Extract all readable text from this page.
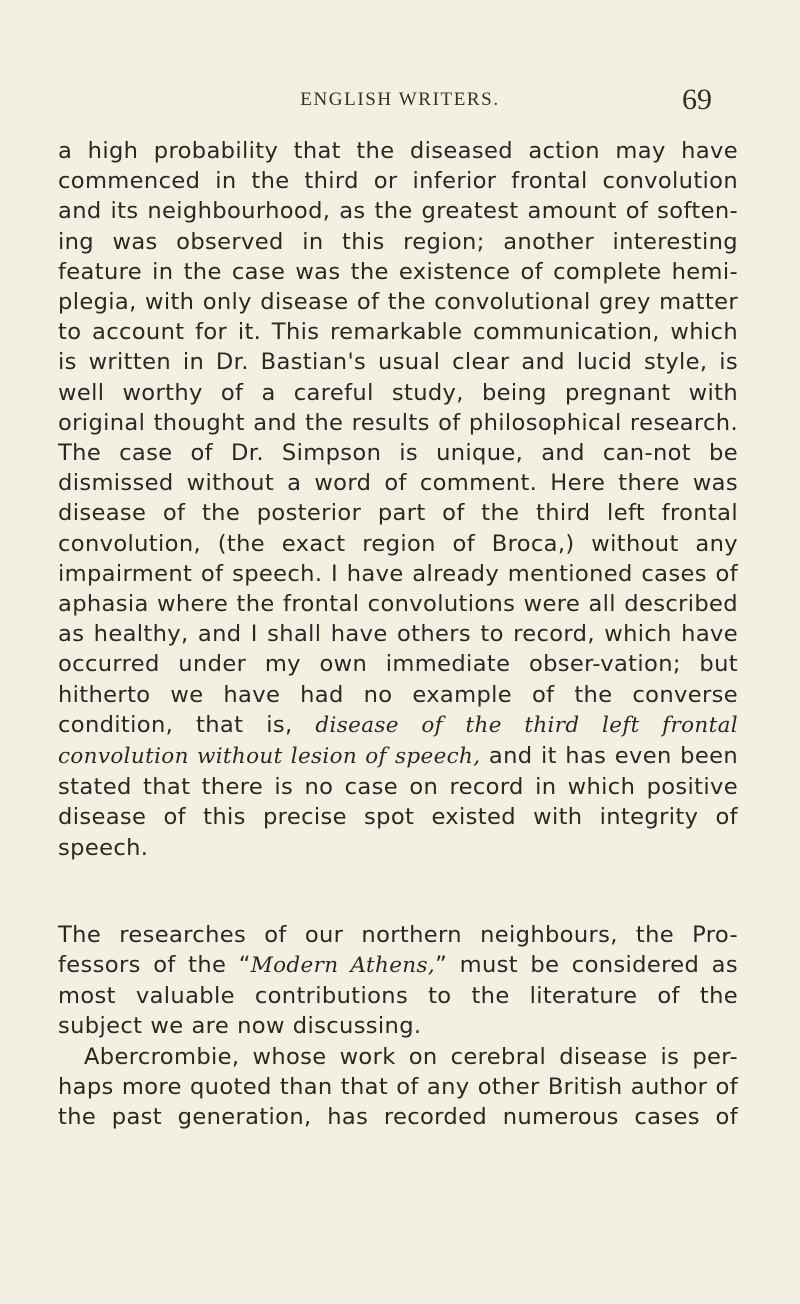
ENGLISH WRITERS.	69

a high probability that the diseased action may have commenced in the third or inferior frontal convolution and its neighbourhood, as the greatest amount of soften-ing was observed in this region; another interesting feature in the case was the existence of complete hemi-plegia, with only disease of the convolutional grey matter to account for it. This remarkable communication, which is written in Dr. Bastian's usual clear and lucid style, is well worthy of a careful study, being pregnant with original thought and the results of philosophical research. The case of Dr. Simpson is unique, and can-not be dismissed without a word of comment. Here there was disease of the posterior part of the third left frontal convolution, (the exact region of Broca,) without any impairment of speech. I have already mentioned cases of aphasia where the frontal convolutions were all described as healthy, and I shall have others to record, which have occurred under my own immediate obser-vation; but hitherto we have had no example of the converse condition, that is, disease of the third left frontal convolution without lesion of speech, and it has even been stated that there is no case on record in which positive disease of this precise spot existed with integrity of speech.

The researches of our northern neighbours, the Pro-fessors of the “Modern Athens,” must be considered as most valuable contributions to the literature of the subject we are now discussing.

Abercrombie, whose work on cerebral disease is per-haps more quoted than that of any other British author of the past generation, has recorded numerous cases of
